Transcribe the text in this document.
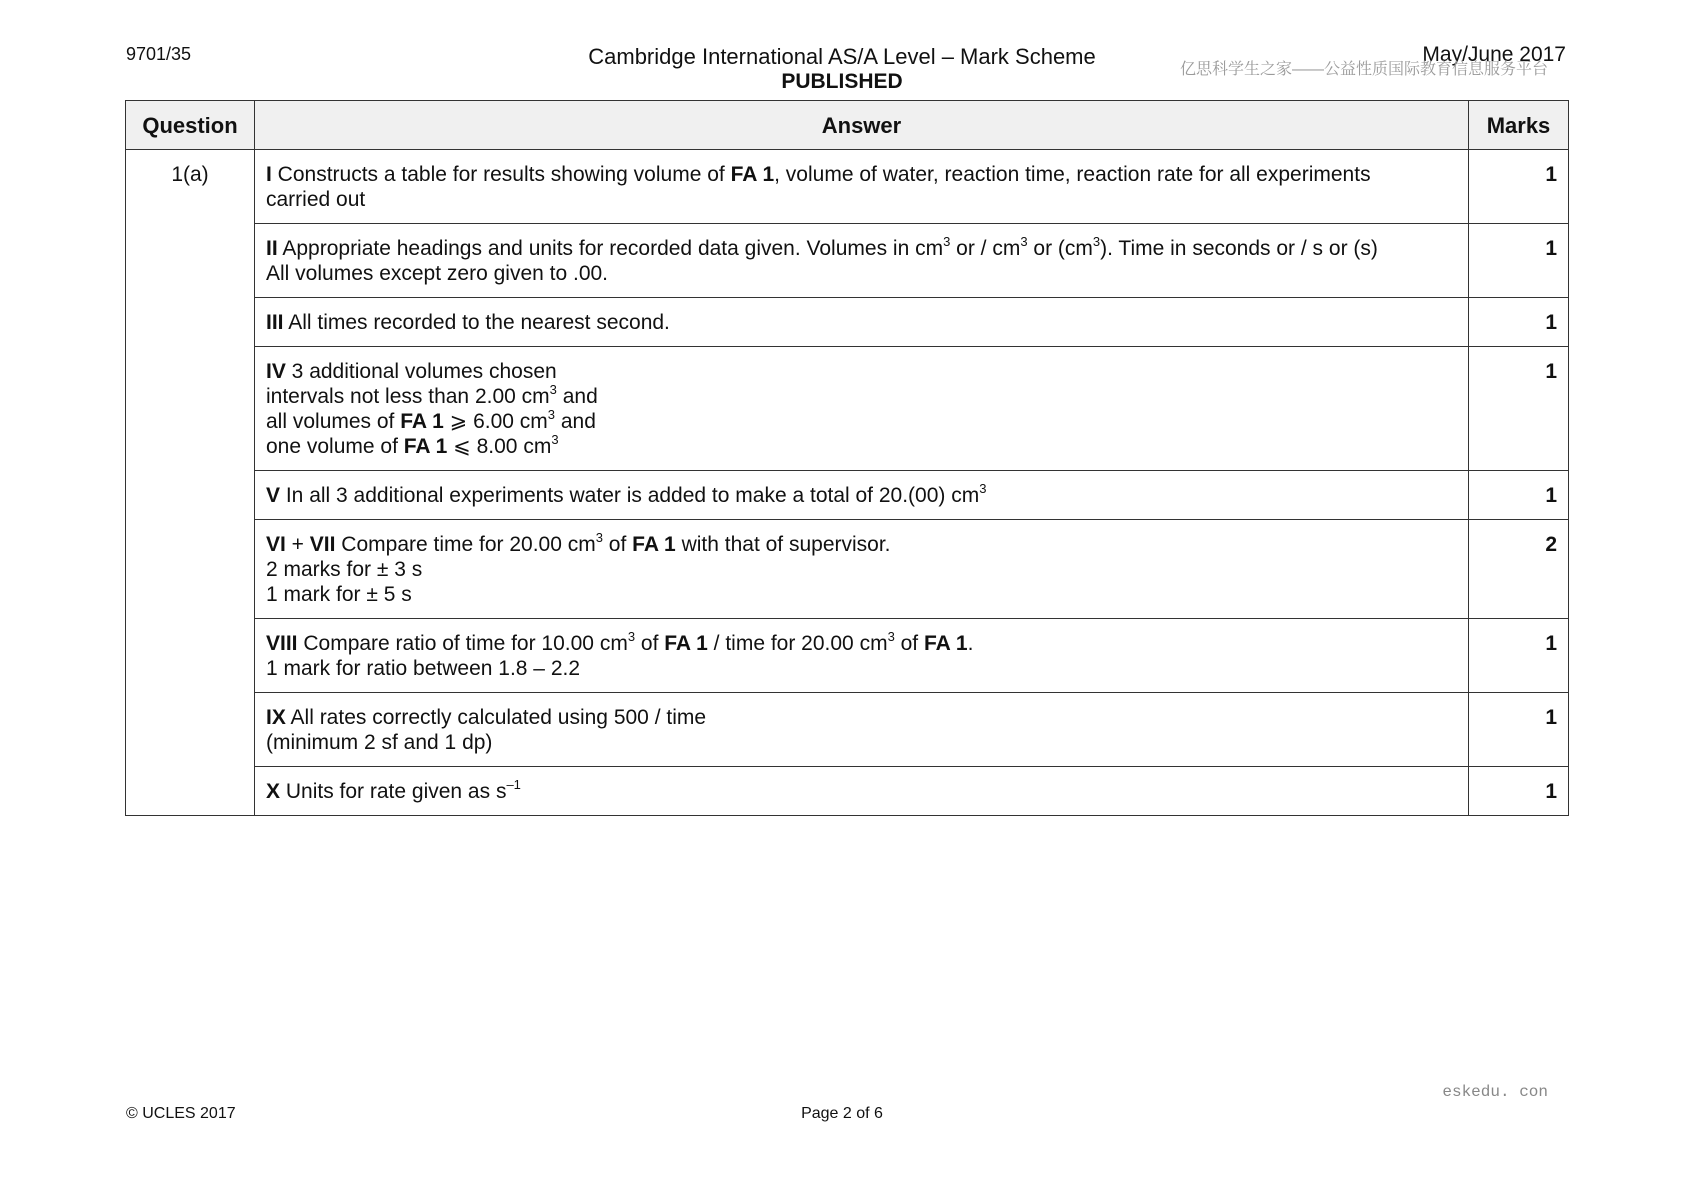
9701/35	Cambridge International AS/A Level – Mark Scheme
PUBLISHED
May/June 2017
亿思科学生之家——公益性质国际教育信息服务平台
Question	Answer	Marks
1(a)	I Constructs a table for results showing volume of FA 1, volume of water, reaction time, reaction rate for all experiments
carried out	1

	II Appropriate headings and units for recorded data given. Volumes in $cm^3$ or / $cm^3$ or $(cm^3)$. Time in seconds or / s or (s)
All volumes except zero given to .00.	1

	III All times recorded to the nearest second.	1

	IV 3 additional volumes chosen
intervals not less than 2.00 $cm^3$ and
all volumes of FA 1 ⩾ 6.00 $cm^3$ and
one volume of FA 1 ⩽ 8.00 $cm^3$	1

	V In all 3 additional experiments water is added to make a total of 20.(00) $cm^3$	1

	VI + VII Compare time for 20.00 $cm^3$ of FA 1 with that of supervisor.
2 marks for ± 3 s
1 mark for ± 5 s	2

	VIII Compare ratio of time for 10.00 $cm^3$ of FA 1 / time for 20.00 $cm^3$ of FA 1.
1 mark for ratio between 1.8 – 2.2	1

	IX All rates correctly calculated using 500 / time
(minimum 2 sf and 1 dp)	1

	X Units for rate given as $s^{-1}$	1
eskedu. con
© UCLES 2017	Page 2 of 6
